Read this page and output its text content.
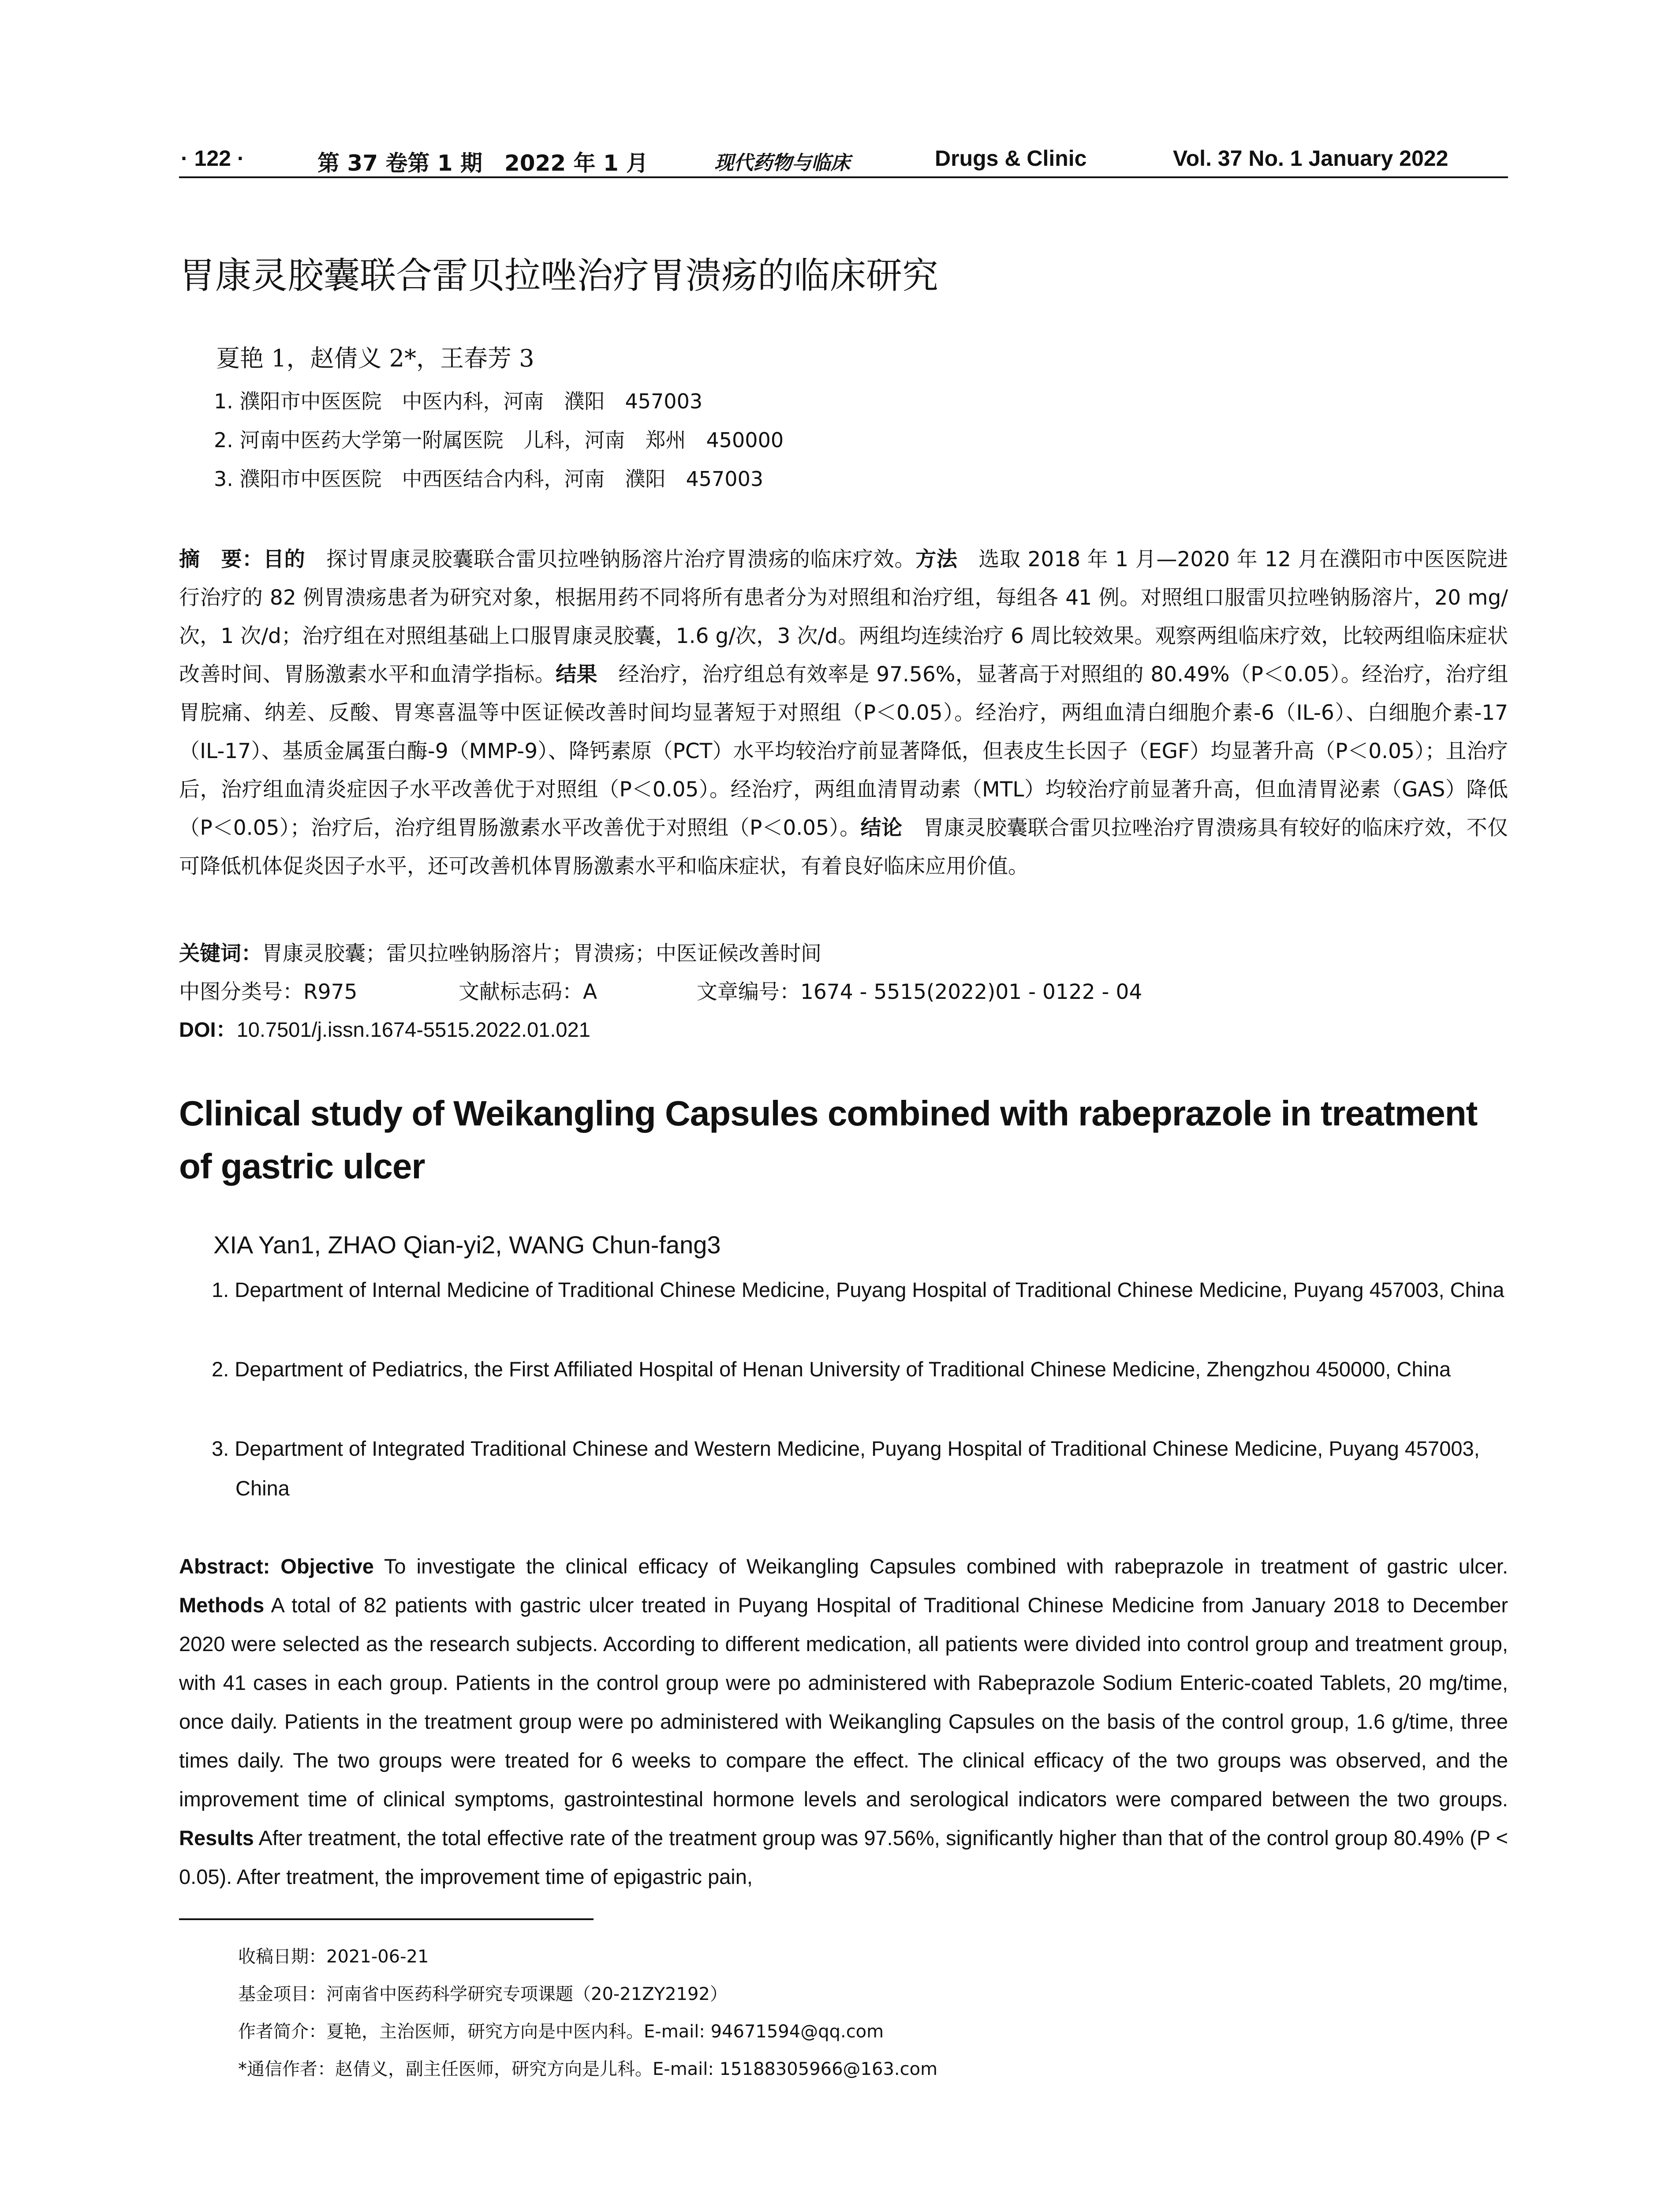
· 122 ·	第 37 卷第 1 期　2022 年 1 月	现代药物与临床	Drugs & Clinic	Vol. 37 No. 1 January 2022
胃康灵胶囊联合雷贝拉唑治疗胃溃疡的临床研究
夏艳 1，赵倩义 2*，王春芳 3
1. 濮阳市中医医院　中医内科，河南　濮阳　457003
2. 河南中医药大学第一附属医院　儿科，河南　郑州　450000
3. 濮阳市中医医院　中西医结合内科，河南　濮阳　457003

摘　要：目的　探讨胃康灵胶囊联合雷贝拉唑钠肠溶片治疗胃溃疡的临床疗效。方法　选取 2018 年 1 月—2020 年 12 月在濮阳市中医医院进行治疗的 82 例胃溃疡患者为研究对象，根据用药不同将所有患者分为对照组和治疗组，每组各 41 例。对照组口服雷贝拉唑钠肠溶片，20 mg/次，1 次/d；治疗组在对照组基础上口服胃康灵胶囊，1.6 g/次，3 次/d。两组均连续治疗 6 周比较效果。观察两组临床疗效，比较两组临床症状改善时间、胃肠激素水平和血清学指标。结果　经治疗，治疗组总有效率是 97.56%，显著高于对照组的 80.49%（P＜0.05）。经治疗，治疗组胃脘痛、纳差、反酸、胃寒喜温等中医证候改善时间均显著短于对照组（P＜0.05）。经治疗，两组血清白细胞介素-6（IL-6）、白细胞介素-17（IL-17）、基质金属蛋白酶-9（MMP-9）、降钙素原（PCT）水平均较治疗前显著降低，但表皮生长因子（EGF）均显著升高（P＜0.05）；且治疗后，治疗组血清炎症因子水平改善优于对照组（P＜0.05）。经治疗，两组血清胃动素（MTL）均较治疗前显著升高，但血清胃泌素（GAS）降低（P＜0.05）；治疗后，治疗组胃肠激素水平改善优于对照组（P＜0.05）。结论　胃康灵胶囊联合雷贝拉唑治疗胃溃疡具有较好的临床疗效，不仅可降低机体促炎因子水平，还可改善机体胃肠激素水平和临床症状，有着良好临床应用价值。

关键词：胃康灵胶囊；雷贝拉唑钠肠溶片；胃溃疡；中医证候改善时间
中图分类号：R975	文献标志码：A	文章编号：1674 - 5515(2022)01 - 0122 - 04
DOI：10.7501/j.issn.1674-5515.2022.01.021
Clinical study of Weikangling Capsules combined with rabeprazole in treatment of gastric ulcer
XIA Yan1, ZHAO Qian-yi2, WANG Chun-fang3
1. Department of Internal Medicine of Traditional Chinese Medicine, Puyang Hospital of Traditional Chinese Medicine, Puyang 457003, China
2. Department of Pediatrics, the First Affiliated Hospital of Henan University of Traditional Chinese Medicine, Zhengzhou 450000, China
3. Department of Integrated Traditional Chinese and Western Medicine, Puyang Hospital of Traditional Chinese Medicine, Puyang 457003, China

Abstract: Objective To investigate the clinical efficacy of Weikangling Capsules combined with rabeprazole in treatment of gastric ulcer. Methods A total of 82 patients with gastric ulcer treated in Puyang Hospital of Traditional Chinese Medicine from January 2018 to December 2020 were selected as the research subjects. According to different medication, all patients were divided into control group and treatment group, with 41 cases in each group. Patients in the control group were po administered with Rabeprazole Sodium Enteric-coated Tablets, 20 mg/time, once daily. Patients in the treatment group were po administered with Weikangling Capsules on the basis of the control group, 1.6 g/time, three times daily. The two groups were treated for 6 weeks to compare the effect. The clinical efficacy of the two groups was observed, and the improvement time of clinical symptoms, gastrointestinal hormone levels and serological indicators were compared between the two groups. Results After treatment, the total effective rate of the treatment group was 97.56%, significantly higher than that of the control group 80.49% (P < 0.05). After treatment, the improvement time of epigastric pain,

收稿日期：2021-06-21
基金项目：河南省中医药科学研究专项课题（20-21ZY2192）
作者简介：夏艳，主治医师，研究方向是中医内科。E-mail: 94671594@qq.com
*通信作者：赵倩义，副主任医师，研究方向是儿科。E-mail: 15188305966@163.com
